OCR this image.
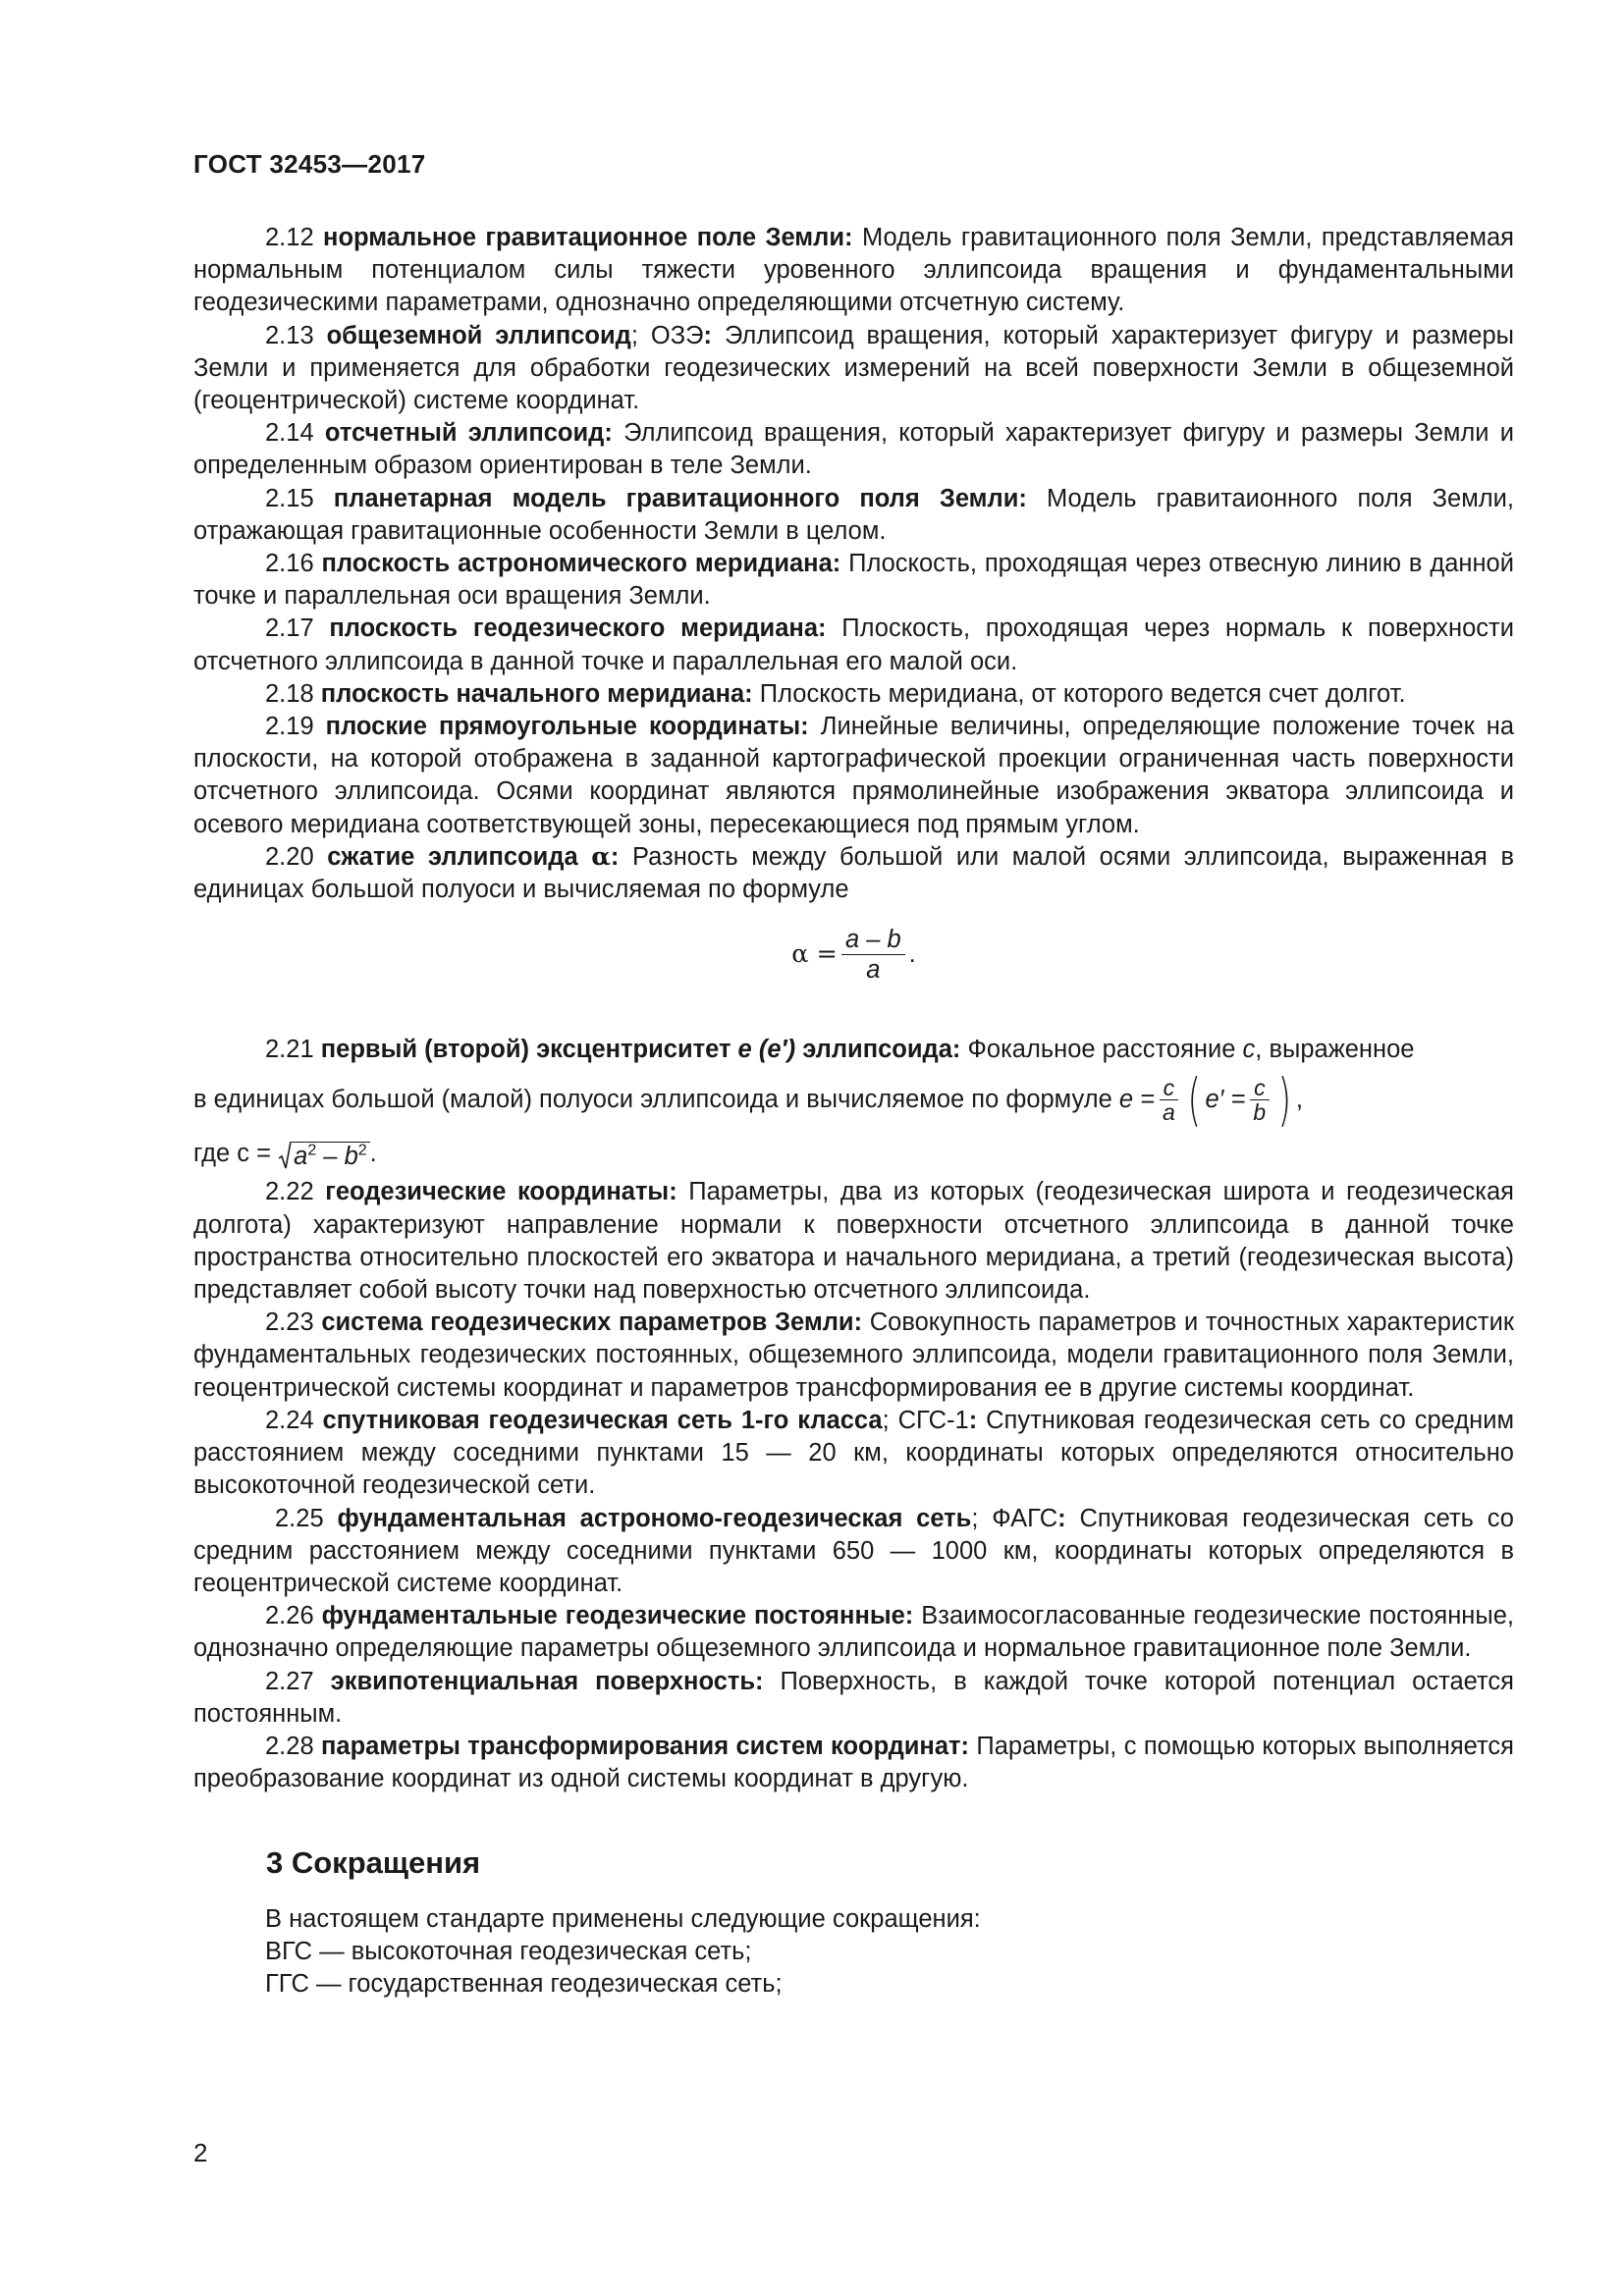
ГОСТ 32453—2017

2.12 нормальное гравитационное поле Земли: Модель гравитационного поля Земли, представляемая нормальным потенциалом силы тяжести уровенного эллипсоида вращения и фундаментальными геодезическими параметрами, однозначно определяющими отсчетную систему.

2.13 общеземной эллипсоид; ОЗЭ: Эллипсоид вращения, который характеризует фигуру и размеры Земли и применяется для обработки геодезических измерений на всей поверхности Земли в общеземной (геоцентрической) системе координат.

2.14 отсчетный эллипсоид: Эллипсоид вращения, который характеризует фигуру и размеры Земли и определенным образом ориентирован в теле Земли.

2.15 планетарная модель гравитационного поля Земли: Модель гравитаионного поля Земли, отражающая гравитационные особенности Земли в целом.

2.16 плоскость астрономического меридиана: Плоскость, проходящая через отвесную линию в данной точке и параллельная оси вращения Земли.

2.17 плоскость геодезического меридиана: Плоскость, проходящая через нормаль к поверхности отсчетного эллипсоида в данной точке и параллельная его малой оси.

2.18 плоскость начального меридиана: Плоскость меридиана, от которого ведется счет долгот.

2.19 плоские прямоугольные координаты: Линейные величины, определяющие положение точек на плоскости, на которой отображена в заданной картографической проекции ограниченная часть поверхности отсчетного эллипсоида. Осями координат являются прямолинейные изображения экватора эллипсоида и осевого меридиана соответствующей зоны, пересекающиеся под прямым углом.

2.20 сжатие эллипсоида α: Разность между большой или малой осями эллипсоида, выраженная в единицах большой полуоси и вычисляемая по формуле

$\alpha = \frac{a - b}{a}$ .

2.21 первый (второй) эксцентриситет e (e′) эллипсоида: Фокальное расстояние c, выраженное

в единицах большой (малой) полуоси эллипсоида и вычисляемое по формуле
$e = \frac{c}{a}$ ( $e' = \frac{c}{b}$ ) ,
где c =
$a^2 - b^2$ .

2.22 геодезические координаты: Параметры, два из которых (геодезическая широта и геодезическая долгота) характеризуют направление нормали к поверхности отсчетного эллипсоида в данной точке пространства относительно плоскостей его экватора и начального меридиана, а третий (геодезическая высота) представляет собой высоту точки над поверхностью отсчетного эллипсоида.

2.23 система геодезических параметров Земли: Совокупность параметров и точностных характеристик фундаментальных геодезических постоянных, общеземного эллипсоида, модели гравитационного поля Земли, геоцентрической системы координат и параметров трансформирования ее в другие системы координат.

2.24 спутниковая геодезическая сеть 1-го класса; СГС-1: Спутниковая геодезическая сеть со средним расстоянием между соседними пунктами 15 — 20 км, координаты которых определяются относительно высокоточной геодезической сети.

2.25 фундаментальная астрономо-геодезическая сеть; ФАГС: Спутниковая геодезическая сеть со средним расстоянием между соседними пунктами 650 — 1000 км, координаты которых определяются в геоцентрической системе координат.

2.26 фундаментальные геодезические постоянные: Взаимосогласованные геодезические постоянные, однозначно определяющие параметры общеземного эллипсоида и нормальное гравитационное поле Земли.

2.27 эквипотенциальная поверхность: Поверхность, в каждой точке которой потенциал остается постоянным.

2.28 параметры трансформирования систем координат: Параметры, с помощью которых выполняется преобразование координат из одной системы координат в другую.

3 Сокращения

В настоящем стандарте применены следующие сокращения:

ВГС — высокоточная геодезическая сеть;

ГГС — государственная геодезическая сеть;

2
